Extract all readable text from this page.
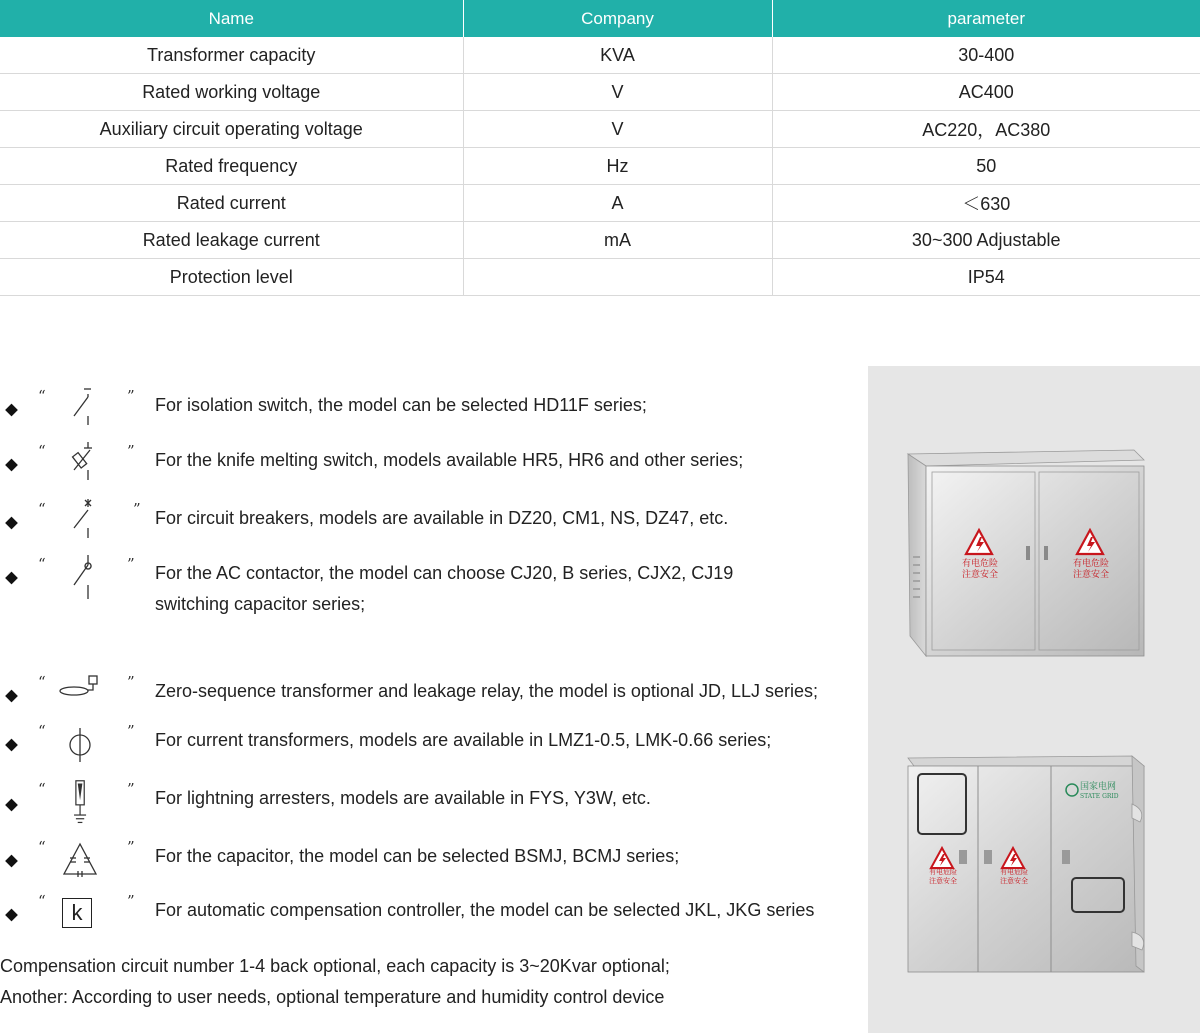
Name	Company	parameter
Transformer capacity	KVA	30-400
Rated working voltage	V	AC400
Auxiliary circuit operating voltage	V	AC220，AC380
Rated frequency	Hz	50
Rated current	A	＜630
Rated leakage current	mA	30~300 Adjustable
Protection level		IP54
“	” For isolation switch, the model can be selected HD11F series;
“	” For the knife melting switch, models available HR5, HR6 and other series;
“	” For circuit breakers, models are available in DZ20, CM1, NS, DZ47, etc.
“	” For the AC contactor, the model can choose CJ20, B series, CJX2, CJ19
switching capacitor series;
“	” Zero-sequence transformer and leakage relay, the model is optional JD, LLJ series;
“	” For current transformers, models are available in LMZ1-0.5, LMK-0.66 series;
“	” For lightning arresters, models are available in FYS, Y3W, etc.
“	” For the capacitor, the model can be selected BSMJ, BCMJ series;
“	k	” For automatic compensation controller, the model can be selected JKL, JKG series
Compensation circuit number 1-4 back optional, each capacity is 3~20Kvar optional;
Another: According to user needs, optional temperature and humidity control device
有电危险
注意安全
有电危险
注意安全
国家电网
STATE GRID
有电危险
注意安全
有电危险
注意安全
